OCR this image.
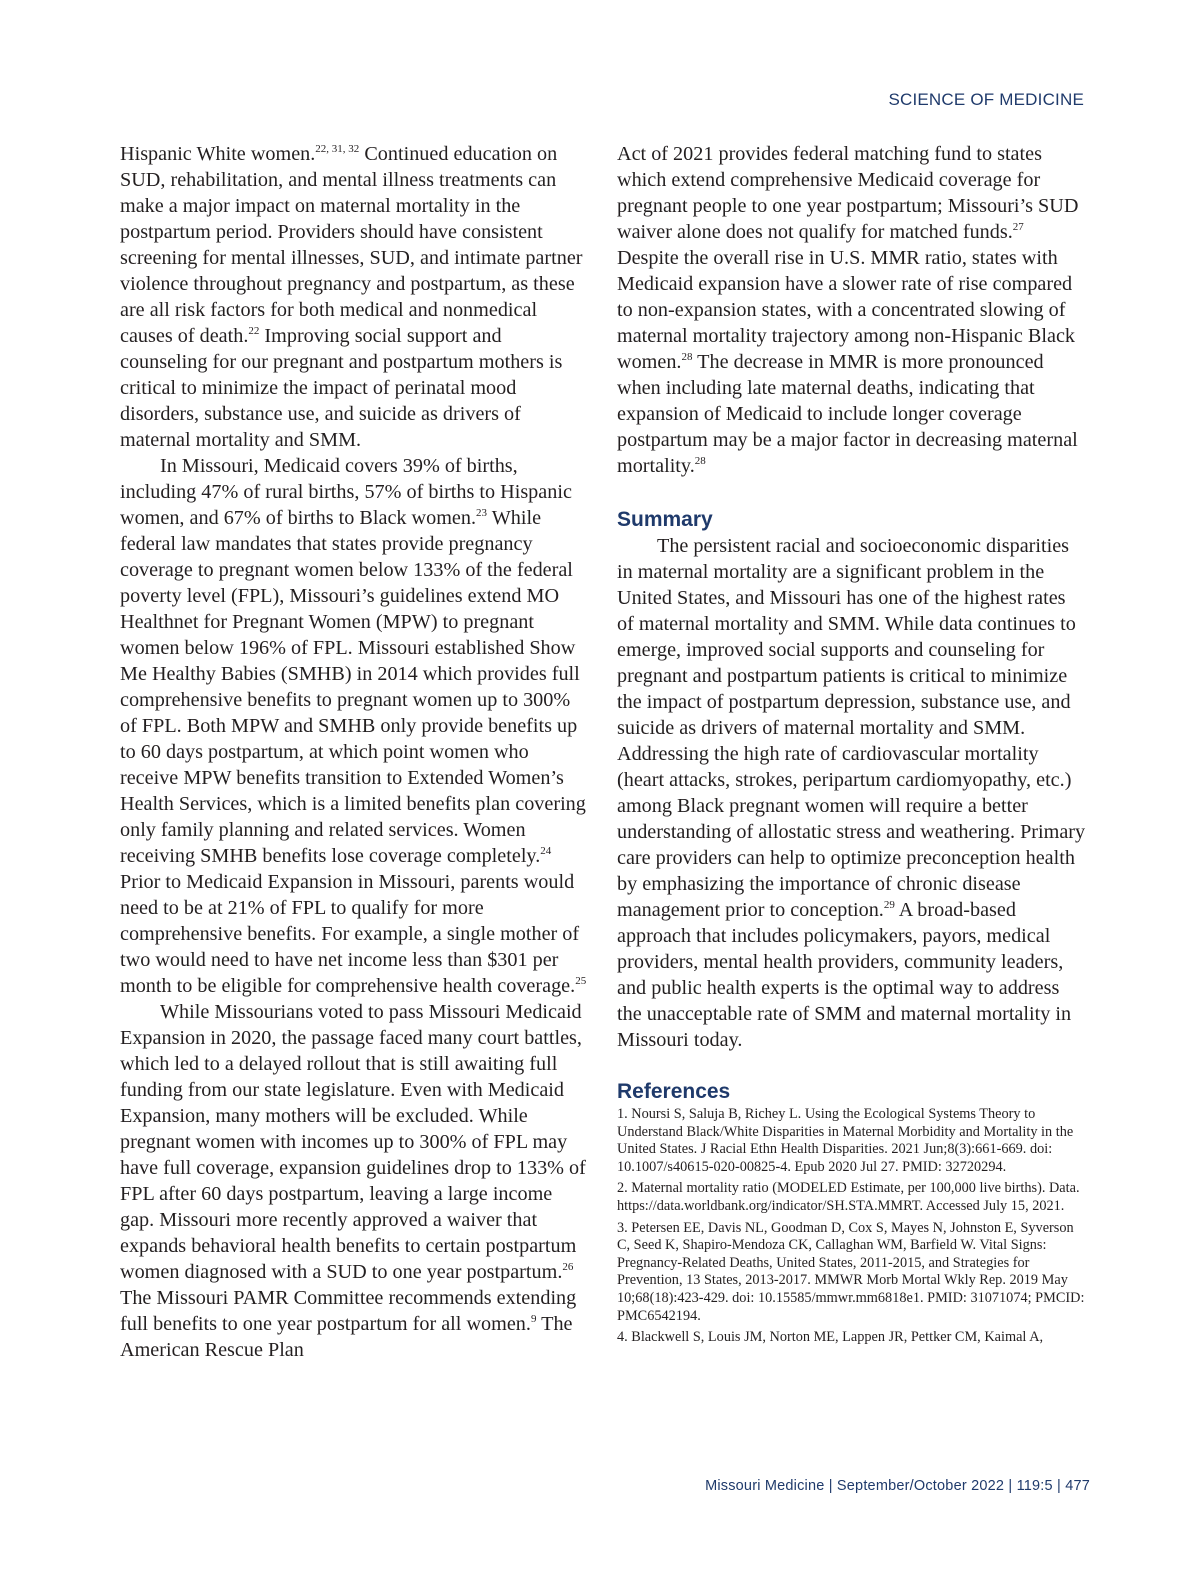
SCIENCE OF MEDICINE

Hispanic White women.$^{22, 31, 32}$ Continued education on SUD, rehabilitation, and mental illness treatments can make a major impact on maternal mortality in the postpartum period. Providers should have consistent screening for mental illnesses, SUD, and intimate partner violence throughout pregnancy and postpartum, as these are all risk factors for both medical and nonmedical causes of death.$^{22}$ Improving social support and counseling for our pregnant and postpartum mothers is critical to minimize the impact of perinatal mood disorders, substance use, and suicide as drivers of maternal mortality and SMM.

In Missouri, Medicaid covers 39% of births, including 47% of rural births, 57% of births to Hispanic women, and 67% of births to Black women.$^{23}$ While federal law mandates that states provide pregnancy coverage to pregnant women below 133% of the federal poverty level (FPL), Missouri’s guidelines extend MO Healthnet for Pregnant Women (MPW) to pregnant women below 196% of FPL. Missouri established Show Me Healthy Babies (SMHB) in 2014 which provides full comprehensive benefits to pregnant women up to 300% of FPL. Both MPW and SMHB only provide benefits up to 60 days postpartum, at which point women who receive MPW benefits transition to Extended Women’s Health Services, which is a limited benefits plan covering only family planning and related services. Women receiving SMHB benefits lose coverage completely.$^{24}$ Prior to Medicaid Expansion in Missouri, parents would need to be at 21% of FPL to qualify for more comprehensive benefits. For example, a single mother of two would need to have net income less than $301 per month to be eligible for comprehensive health coverage.$^{25}$

While Missourians voted to pass Missouri Medicaid Expansion in 2020, the passage faced many court battles, which led to a delayed rollout that is still awaiting full funding from our state legislature. Even with Medicaid Expansion, many mothers will be excluded. While pregnant women with incomes up to 300% of FPL may have full coverage, expansion guidelines drop to 133% of FPL after 60 days postpartum, leaving a large income gap. Missouri more recently approved a waiver that expands behavioral health benefits to certain postpartum women diagnosed with a SUD to one year postpartum.$^{26}$ The Missouri PAMR Committee recommends extending full benefits to one year postpartum for all women.$^9$ The American Rescue Plan

Act of 2021 provides federal matching fund to states which extend comprehensive Medicaid coverage for pregnant people to one year postpartum; Missouri’s SUD waiver alone does not qualify for matched funds.$^{27}$ Despite the overall rise in U.S. MMR ratio, states with Medicaid expansion have a slower rate of rise compared to non-expansion states, with a concentrated slowing of maternal mortality trajectory among non-Hispanic Black women.$^{28}$ The decrease in MMR is more pronounced when including late maternal deaths, indicating that expansion of Medicaid to include longer coverage postpartum may be a major factor in decreasing maternal mortality.$^{28}$

Summary

The persistent racial and socioeconomic disparities in maternal mortality are a significant problem in the United States, and Missouri has one of the highest rates of maternal mortality and SMM. While data continues to emerge, improved social supports and counseling for pregnant and postpartum patients is critical to minimize the impact of postpartum depression, substance use, and suicide as drivers of maternal mortality and SMM. Addressing the high rate of cardiovascular mortality (heart attacks, strokes, peripartum cardiomyopathy, etc.) among Black pregnant women will require a better understanding of allostatic stress and weathering. Primary care providers can help to optimize preconception health by emphasizing the importance of chronic disease management prior to conception.$^{29}$ A broad-based approach that includes policymakers, payors, medical providers, mental health providers, community leaders, and public health experts is the optimal way to address the unacceptable rate of SMM and maternal mortality in Missouri today.

References
1. Noursi S, Saluja B, Richey L. Using the Ecological Systems Theory to Understand Black/White Disparities in Maternal Morbidity and Mortality in the United States. J Racial Ethn Health Disparities. 2021 Jun;8(3):661-669. doi: 10.1007/s40615-020-00825-4. Epub 2020 Jul 27. PMID: 32720294.
2. Maternal mortality ratio (MODELED Estimate, per 100,000 live births). Data. https://data.worldbank.org/indicator/SH.STA.MMRT. Accessed July 15, 2021.
3. Petersen EE, Davis NL, Goodman D, Cox S, Mayes N, Johnston E, Syverson C, Seed K, Shapiro-Mendoza CK, Callaghan WM, Barfield W. Vital Signs: Pregnancy-Related Deaths, United States, 2011-2015, and Strategies for Prevention, 13 States, 2013-2017. MMWR Morb Mortal Wkly Rep. 2019 May 10;68(18):423-429. doi: 10.15585/mmwr.mm6818e1. PMID: 31071074; PMCID: PMC6542194.
4. Blackwell S, Louis JM, Norton ME, Lappen JR, Pettker CM, Kaimal A,
Missouri Medicine | September/October 2022 | 119:5 | 477
